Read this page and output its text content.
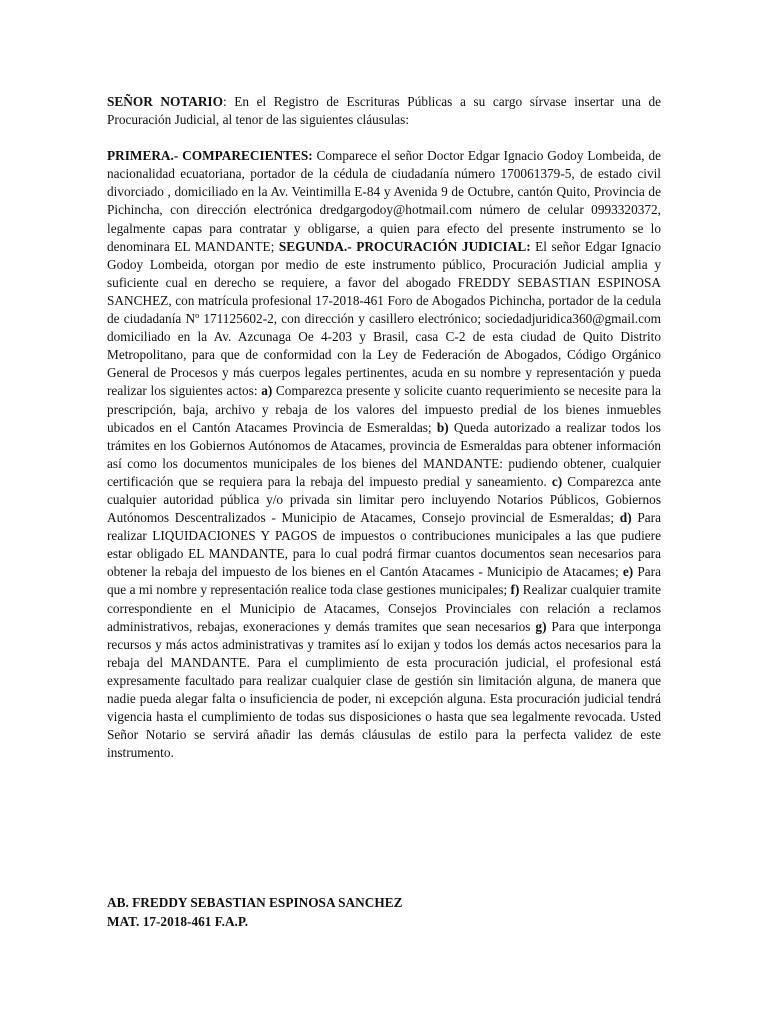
SEÑOR NOTARIO: En el Registro de Escrituras Públicas a su cargo sírvase insertar una de Procuración Judicial, al tenor de las siguientes cláusulas:

PRIMERA.- COMPARECIENTES: Comparece el señor Doctor Edgar Ignacio Godoy Lombeida, de nacionalidad ecuatoriana, portador de la cédula de ciudadanía número 170061379-5, de estado civil divorciado , domiciliado en la Av. Veintimilla E-84 y Avenida 9 de Octubre, cantón Quito, Provincia de Pichincha, con dirección electrónica dredgargodoy@hotmail.com número de celular 0993320372, legalmente capas para contratar y obligarse, a quien para efecto del presente instrumento se lo denominara EL MANDANTE; SEGUNDA.- PROCURACIÓN JUDICIAL: El señor Edgar Ignacio Godoy Lombeida, otorgan por medio de este instrumento público, Procuración Judicial amplia y suficiente cual en derecho se requiere, a favor del abogado FREDDY SEBASTIAN ESPINOSA SANCHEZ, con matrícula profesional 17-2018-461 Foro de Abogados Pichincha, portador de la cedula de ciudadanía Nº 171125602-2, con dirección y casillero electrónico; sociedadjuridica360@gmail.com domiciliado en la Av. Azcunaga Oe 4-203 y Brasil, casa C-2 de esta ciudad de Quito Distrito Metropolitano, para que de conformidad con la Ley de Federación de Abogados, Código Orgánico General de Procesos y más cuerpos legales pertinentes, acuda en su nombre y representación y pueda realizar los siguientes actos: a) Comparezca presente y solicite cuanto requerimiento se necesite para la prescripción, baja, archivo y rebaja de los valores del impuesto predial de los bienes inmuebles ubicados en el Cantón Atacames Provincia de Esmeraldas; b) Queda autorizado a realizar todos los trámites en los Gobiernos Autónomos de Atacames, provincia de Esmeraldas para obtener información así como los documentos municipales de los bienes del MANDANTE: pudiendo obtener, cualquier certificación que se requiera para la rebaja del impuesto predial y saneamiento. c) Comparezca ante cualquier autoridad pública y/o privada sin limitar pero incluyendo Notarios Públicos, Gobiernos Autónomos Descentralizados - Municipio de Atacames, Consejo provincial de Esmeraldas; d) Para realizar LIQUIDACIONES Y PAGOS de impuestos o contribuciones municipales a las que pudiere estar obligado EL MANDANTE, para lo cual podrá firmar cuantos documentos sean necesarios para obtener la rebaja del impuesto de los bienes en el Cantón Atacames - Municipio de Atacames; e) Para que a mi nombre y representación realice toda clase gestiones municipales; f) Realizar cualquier tramite correspondiente en el Municipio de Atacames, Consejos Provinciales con relación a reclamos administrativos, rebajas, exoneraciones y demás tramites que sean necesarios g) Para que interponga recursos y más actos administrativas y tramites así lo exijan y todos los demás actos necesarios para la rebaja del MANDANTE. Para el cumplimiento de esta procuración judicial, el profesional está expresamente facultado para realizar cualquier clase de gestión sin limitación alguna, de manera que nadie pueda alegar falta o insuficiencia de poder, ni excepción alguna. Esta procuración judicial tendrá vigencia hasta el cumplimiento de todas sus disposiciones o hasta que sea legalmente revocada. Usted Señor Notario se servirá añadir las demás cláusulas de estilo para la perfecta validez de este instrumento.

AB. FREDDY SEBASTIAN ESPINOSA SANCHEZ
MAT. 17-2018-461 F.A.P.
